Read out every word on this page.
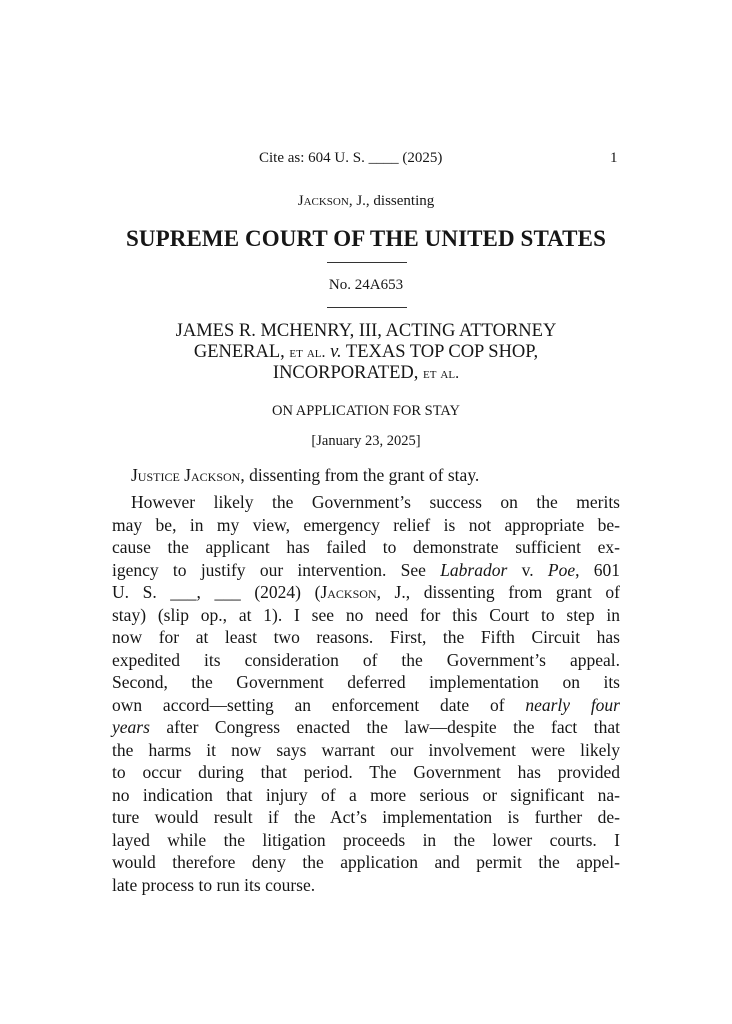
Cite as: 604 U. S. ____ (2025)	1
Jackson, J., dissenting
SUPREME COURT OF THE UNITED STATES
No. 24A653
JAMES R. MCHENRY, III, ACTING ATTORNEY
GENERAL, et al. v. TEXAS TOP COP SHOP,
INCORPORATED, et al.
ON APPLICATION FOR STAY
[January 23, 2025]
Justice Jackson, dissenting from the grant of stay.
However likely the Government’s success on the merits
may be, in my view, emergency relief is not appropriate be-
cause the applicant has failed to demonstrate sufficient ex-
igency to justify our intervention. See Labrador v. Poe, 601
U. S. ___, ___ (2024) (Jackson, J., dissenting from grant of
stay) (slip op., at 1). I see no need for this Court to step in
now for at least two reasons. First, the Fifth Circuit has
expedited its consideration of the Government’s appeal.
Second, the Government deferred implementation on its
own accord—setting an enforcement date of nearly four
years after Congress enacted the law—despite the fact that
the harms it now says warrant our involvement were likely
to occur during that period. The Government has provided
no indication that injury of a more serious or significant na-
ture would result if the Act’s implementation is further de-
layed while the litigation proceeds in the lower courts. I
would therefore deny the application and permit the appel-
late process to run its course.
